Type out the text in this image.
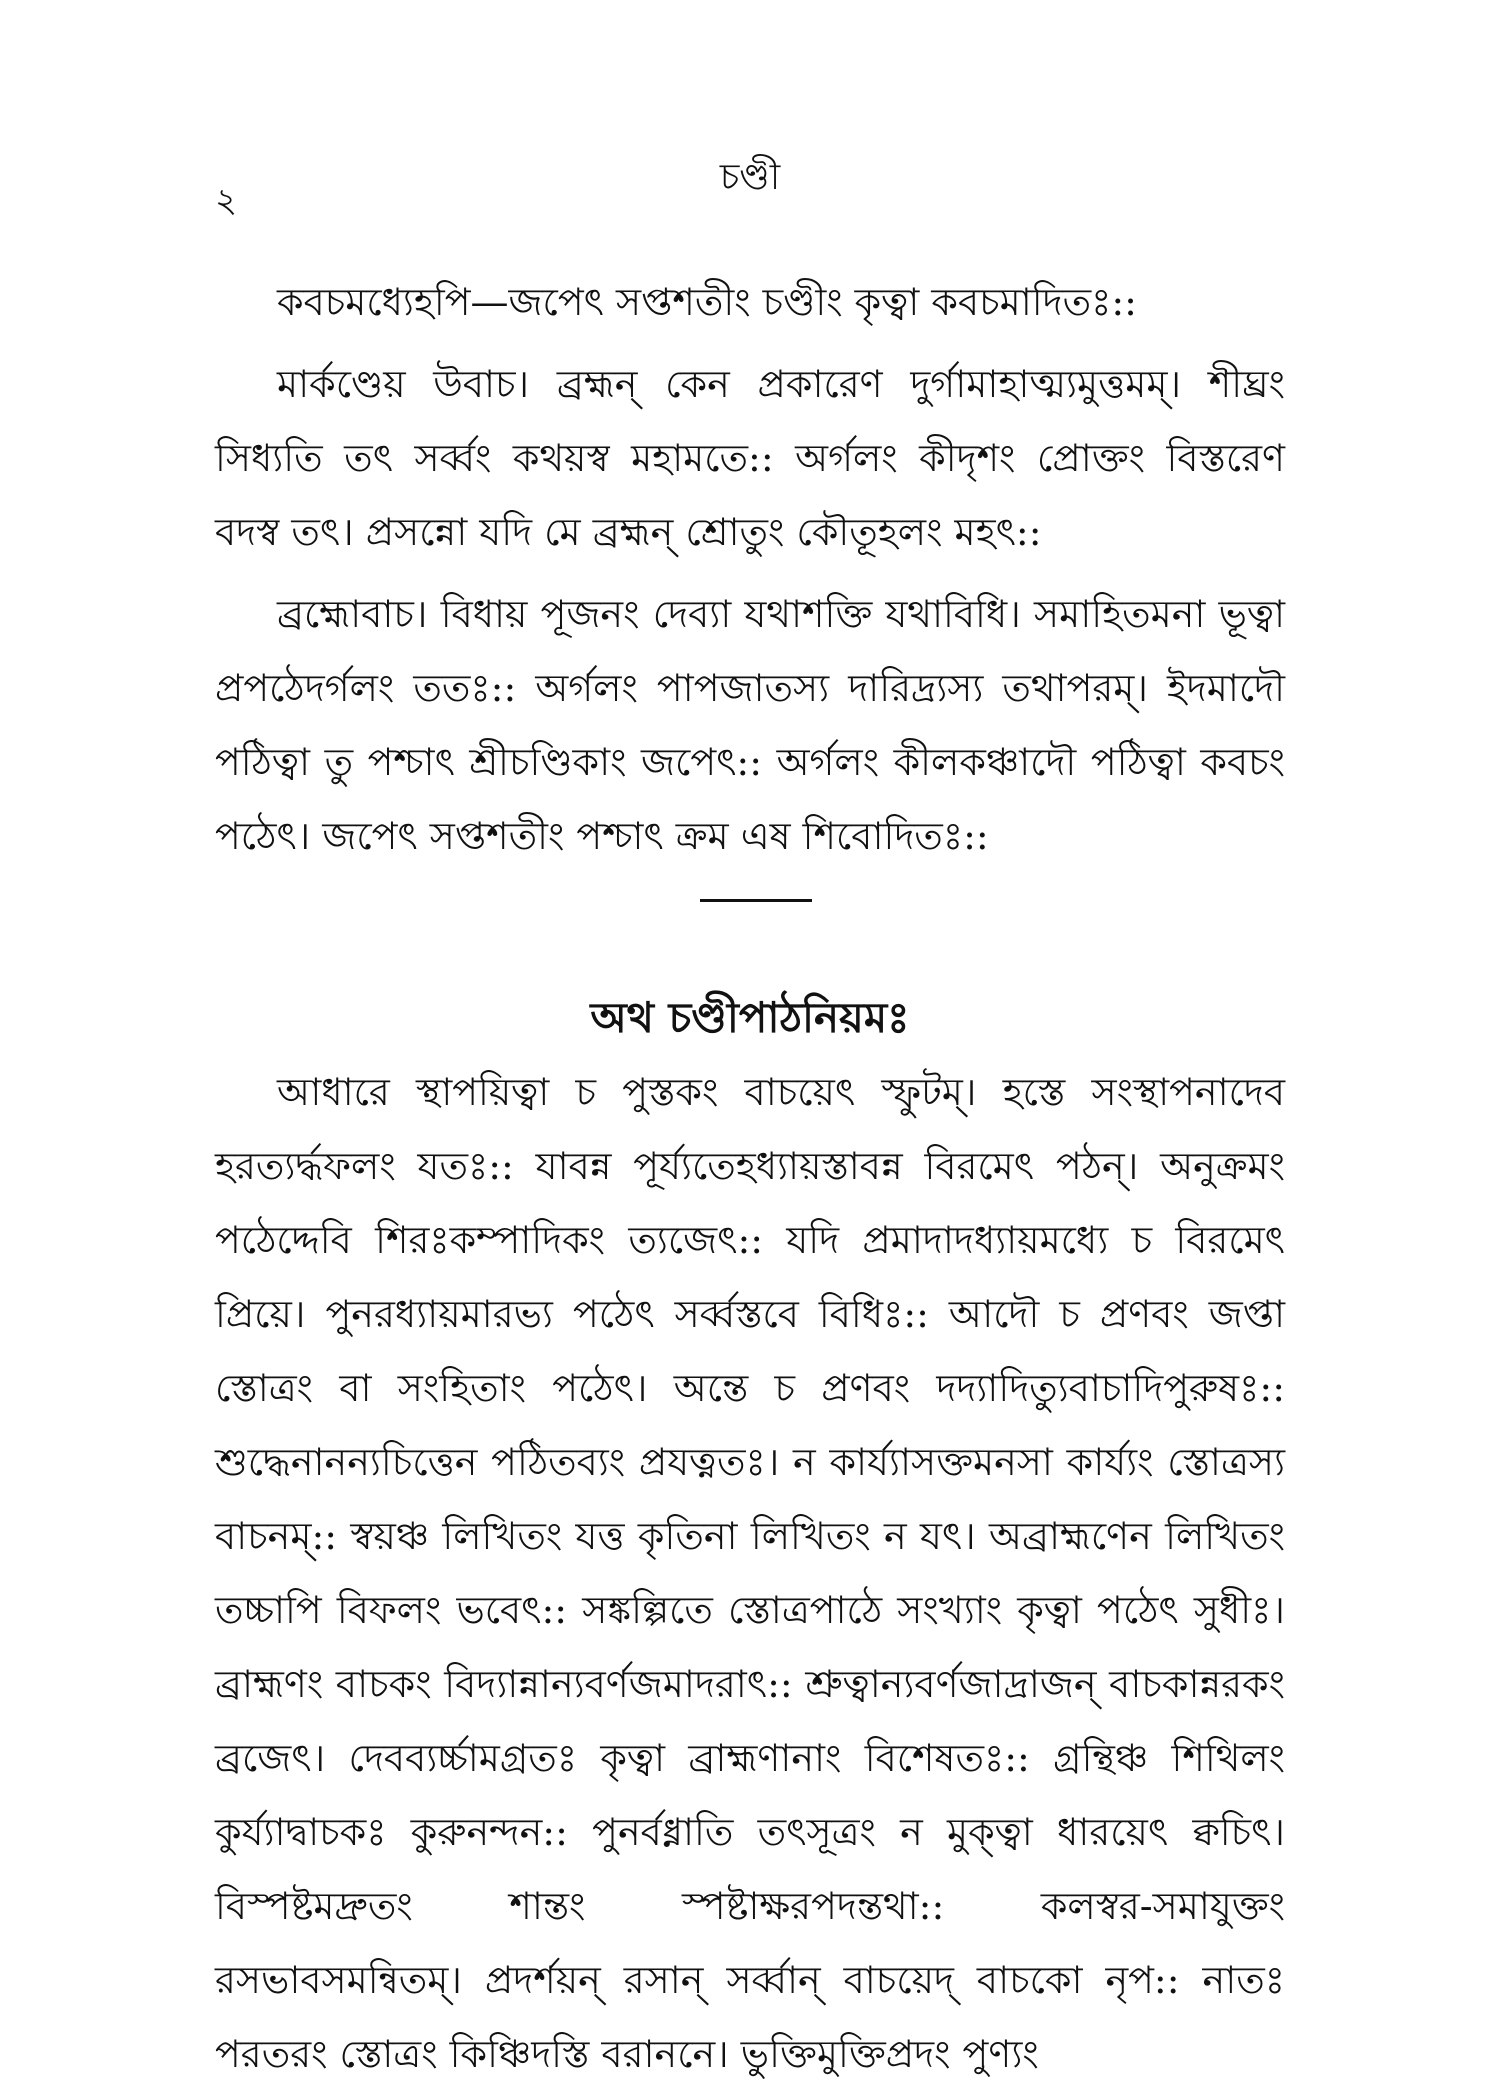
২
চণ্ডী

কবচমধ্যেহপি—জপেৎ সপ্তশতীং চণ্ডীং কৃত্বা কবচমাদিতঃ::

মার্কণ্ডেয় উবাচ। ব্রহ্মন্ কেন প্রকারেণ দুর্গামাহাত্ম্যমুত্তমম্। শীঘ্রং সিধ্যতি তৎ সর্ব্বং কথয়স্ব মহামতে:: অর্গলং কীদৃশং প্রোক্তং বিস্তরেণ বদস্ব তৎ। প্রসন্নো যদি মে ব্রহ্মন্ শ্রোতুং কৌতূহলং মহৎ::

ব্রহ্মোবাচ। বিধায় পূজনং দেব্যা যথাশক্তি যথাবিধি। সমাহিতমনা ভূত্বা প্রপঠেদর্গলং ততঃ:: অর্গলং পাপজাতস্য দারিদ্র্যস্য তথাপরম্। ইদমাদৌ পঠিত্বা তু পশ্চাৎ শ্রীচণ্ডিকাং জপেৎ:: অর্গলং কীলকঞ্চাদৌ পঠিত্বা কবচং পঠেৎ। জপেৎ সপ্তশতীং পশ্চাৎ ক্রম এষ শিবোদিতঃ::

অথ চণ্ডীপাঠনিয়মঃ

আধারে স্থাপয়িত্বা চ পুস্তকং বাচয়েৎ স্ফুটম্। হস্তে সংস্থাপনাদেব হরত্যর্দ্ধফলং যতঃ:: যাবন্ন পূর্য্যতেহধ্যায়স্তাবন্ন বিরমেৎ পঠন্। অনুক্রমং পঠেদ্দেবি শিরঃকম্পাদিকং ত্যজেৎ:: যদি প্রমাদাদধ্যায়মধ্যে চ বিরমেৎ প্রিয়ে। পুনরধ্যায়মারভ্য পঠেৎ সর্ব্বস্তবে বিধিঃ:: আদৌ চ প্রণবং জপ্তা স্তোত্রং বা সংহিতাং পঠেৎ। অন্তে চ প্রণবং দদ্যাদিত্যুবাচাদিপুরুষঃ:: শুদ্ধেনানন্যচিত্তেন পঠিতব্যং প্রযত্নতঃ। ন কার্য্যাসক্তমনসা কার্য্যং স্তোত্রস্য বাচনম্:: স্বয়ঞ্চ লিখিতং যত্ত কৃতিনা লিখিতং ন যৎ। অব্রাহ্মণেন লিখিতং তচ্চাপি বিফলং ভবেৎ:: সঙ্কল্পিতে স্তোত্রপাঠে সংখ্যাং কৃত্বা পঠেৎ সুধীঃ। ব্রাহ্মণং বাচকং বিদ্যান্নান্যবর্ণজমাদরাৎ:: শ্রুত্বান্যবর্ণজাদ্রাজন্ বাচকান্নরকং ব্রজেৎ। দেবব্যর্চ্চামগ্রতঃ কৃত্বা ব্রাহ্মণানাং বিশেষতঃ:: গ্রন্থিঞ্চ শিথিলং কুর্য্যাদ্বাচকঃ কুরুনন্দন:: পুনর্বধ্নাতি তৎসূত্রং ন মুক্ত্বা ধারয়েৎ ক্বচিৎ। বিস্পষ্টমদ্রুতং শান্তং স্পষ্টাক্ষরপদন্তথা:: কলস্বর-সমাযুক্তং রসভাবসমন্বিতম্। প্রদর্শয়ন্ রসান্ সর্ব্বান্ বাচয়েদ্ বাচকো নৃপ:: নাতঃ পরতরং স্তোত্রং কিঞ্চিদস্তি বরাননে। ভুক্তিমুক্তিপ্রদং পুণ্যং
